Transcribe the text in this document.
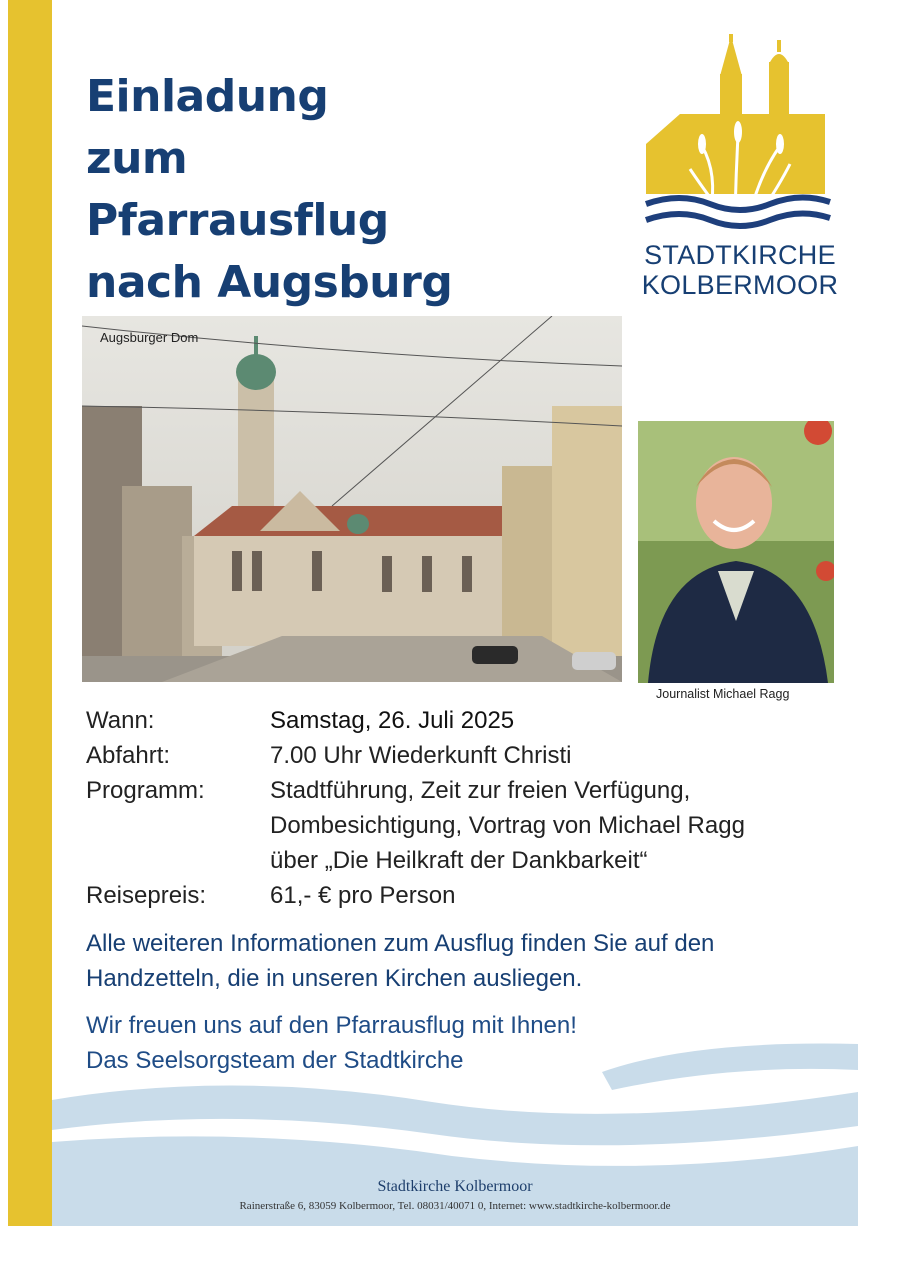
Einladung
zum
Pfarrausflug
nach Augsburg
STADTKIRCHE
KOLBERMOOR
Augsburger Dom
Journalist Michael Ragg
Wann:	Samstag, 26. Juli 2025
Abfahrt:	7.00 Uhr Wiederkunft Christi
Programm:	Stadtführung, Zeit zur freien Verfügung,
Dombesichtigung, Vortrag von Michael Ragg
über „Die Heilkraft der Dankbarkeit“
Reisepreis:	61,- € pro Person
Alle weiteren Informationen zum Ausflug finden Sie auf den Handzetteln, die in unseren Kirchen ausliegen.
Wir freuen uns auf den Pfarrausflug mit Ihnen!
Das Seelsorgsteam der Stadtkirche
Stadtkirche Kolbermoor
Rainerstraße 6, 83059 Kolbermoor, Tel. 08031/40071 0, Internet: www.stadtkirche-kolbermoor.de
